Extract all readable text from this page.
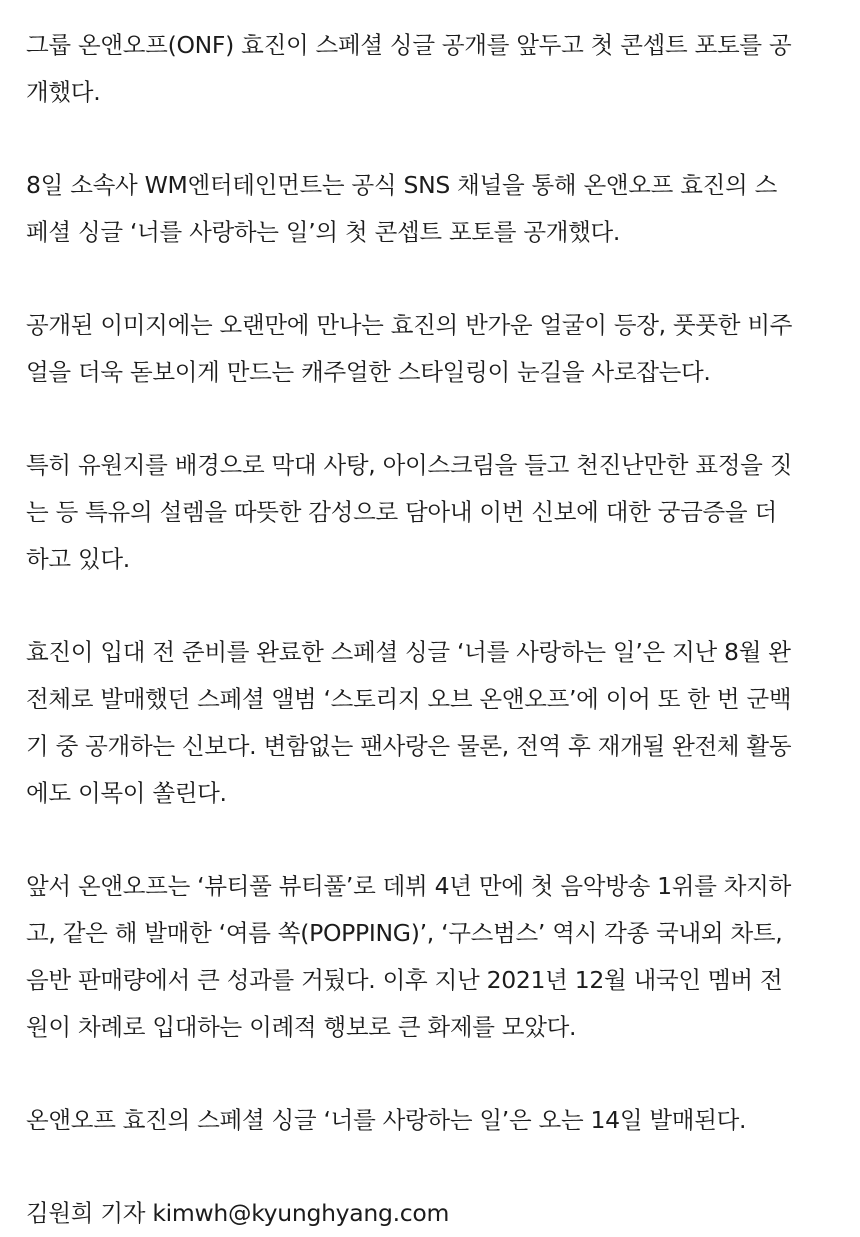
그룹 온앤오프(ONF) 효진이 스페셜 싱글 공개를 앞두고 첫 콘셉트 포토를 공
개했다.

8일 소속사 WM엔터테인먼트는 공식 SNS 채널을 통해 온앤오프 효진의 스
페셜 싱글 ‘너를 사랑하는 일’의 첫 콘셉트 포토를 공개했다.

공개된 이미지에는 오랜만에 만나는 효진의 반가운 얼굴이 등장, 풋풋한 비주
얼을 더욱 돋보이게 만드는 캐주얼한 스타일링이 눈길을 사로잡는다.

특히 유원지를 배경으로 막대 사탕, 아이스크림을 들고 천진난만한 표정을 짓
는 등 특유의 설렘을 따뜻한 감성으로 담아내 이번 신보에 대한 궁금증을 더
하고 있다.

효진이 입대 전 준비를 완료한 스페셜 싱글 ‘너를 사랑하는 일’은 지난 8월 완
전체로 발매했던 스페셜 앨범 ‘스토리지 오브 온앤오프’에 이어 또 한 번 군백
기 중 공개하는 신보다. 변함없는 팬사랑은 물론, 전역 후 재개될 완전체 활동
에도 이목이 쏠린다.

앞서 온앤오프는 ‘뷰티풀 뷰티풀’로 데뷔 4년 만에 첫 음악방송 1위를 차지하
고, 같은 해 발매한 ‘여름 쏙(POPPING)’, ‘구스범스’ 역시 각종 국내외 차트,
음반 판매량에서 큰 성과를 거뒀다. 이후 지난 2021년 12월 내국인 멤버 전
원이 차례로 입대하는 이례적 행보로 큰 화제를 모았다.

온앤오프 효진의 스페셜 싱글 ‘너를 사랑하는 일’은 오는 14일 발매된다.

김원희 기자 kimwh@kyunghyang.com
